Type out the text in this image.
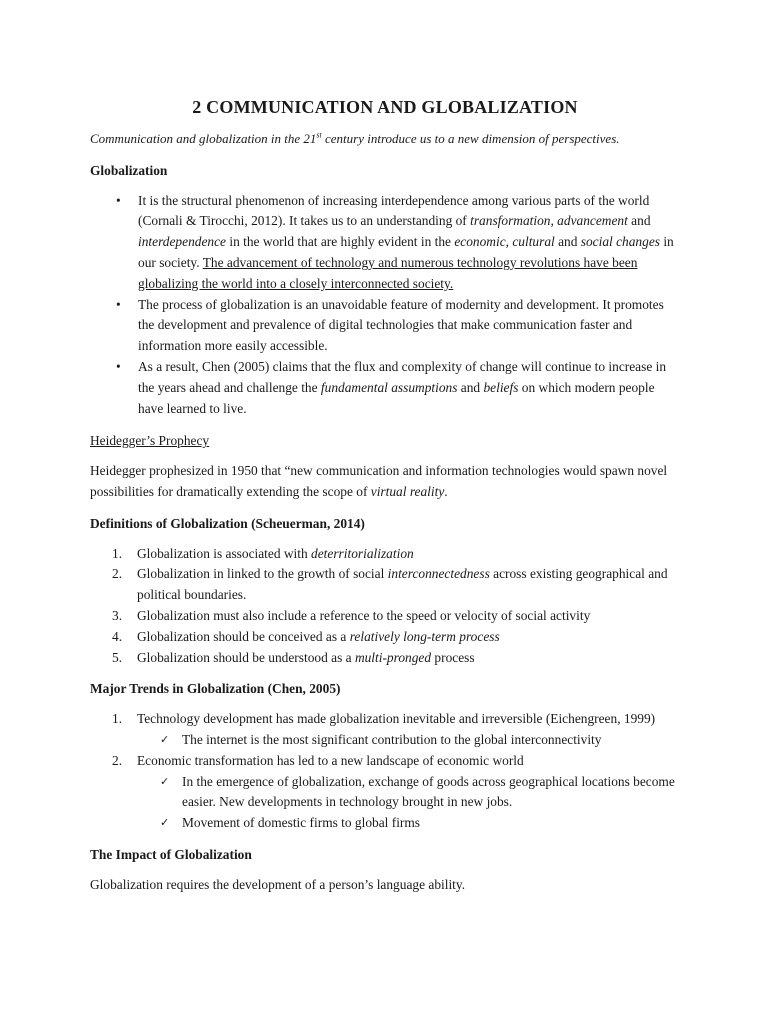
2 COMMUNICATION AND GLOBALIZATION

Communication and globalization in the 21st century introduce us to a new dimension of perspectives.

Globalization
• It is the structural phenomenon of increasing interdependence among various parts of the world (Cornali & Tirocchi, 2012). It takes us to an understanding of transformation, advancement and interdependence in the world that are highly evident in the economic, cultural and social changes in our society. The advancement of technology and numerous technology revolutions have been globalizing the world into a closely interconnected society.
• The process of globalization is an unavoidable feature of modernity and development. It promotes the development and prevalence of digital technologies that make communication faster and information more easily accessible.
• As a result, Chen (2005) claims that the flux and complexity of change will continue to increase in the years ahead and challenge the fundamental assumptions and beliefs on which modern people have learned to live.
Heidegger’s Prophecy

Heidegger prophesized in 1950 that “new communication and information technologies would spawn novel possibilities for dramatically extending the scope of virtual reality.

Definitions of Globalization (Scheuerman, 2014)
1. Globalization is associated with deterritorialization
2. Globalization in linked to the growth of social interconnectedness across existing geographical and political boundaries.
3. Globalization must also include a reference to the speed or velocity of social activity
4. Globalization should be conceived as a relatively long-term process
5. Globalization should be understood as a multi-pronged process
Major Trends in Globalization (Chen, 2005)
1. Technology development has made globalization inevitable and irreversible (Eichengreen, 1999)
✓ The internet is the most significant contribution to the global interconnectivity
2. Economic transformation has led to a new landscape of economic world
✓ In the emergence of globalization, exchange of goods across geographical locations become easier. New developments in technology brought in new jobs.
✓ Movement of domestic firms to global firms
The Impact of Globalization

Globalization requires the development of a person’s language ability.
